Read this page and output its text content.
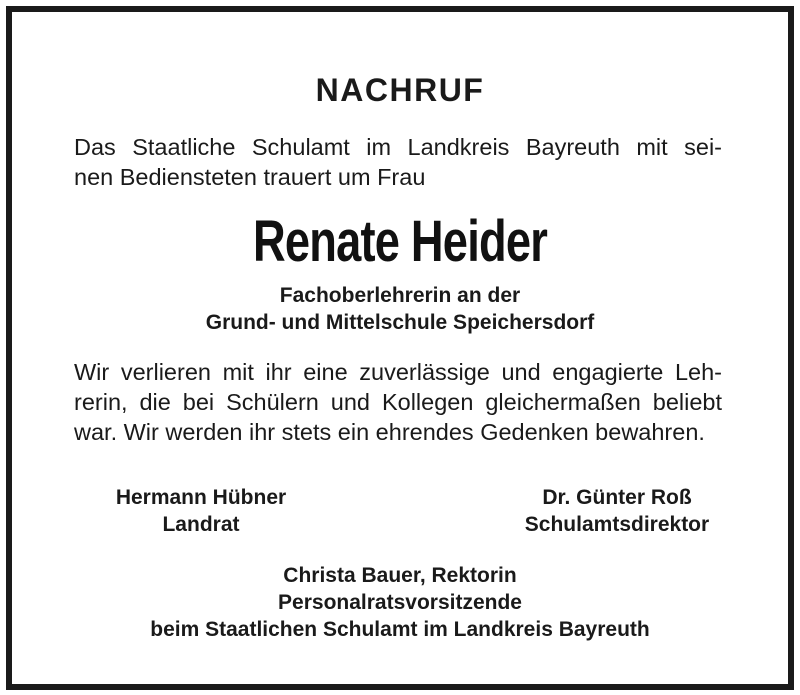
NACHRUF
Das Staatliche Schulamt im Landkreis Bayreuth mit sei-
nen Bediensteten trauert um Frau
Renate Heider
Fachoberlehrerin an der
Grund- und Mittelschule Speichersdorf
Wir verlieren mit ihr eine zuverlässige und engagierte Leh-
rerin, die bei Schülern und Kollegen gleichermaßen beliebt
war. Wir werden ihr stets ein ehrendes Gedenken bewahren.
Hermann Hübner
Landrat
Dr. Günter Roß
Schulamtsdirektor
Christa Bauer, Rektorin
Personalratsvorsitzende
beim Staatlichen Schulamt im Landkreis Bayreuth
